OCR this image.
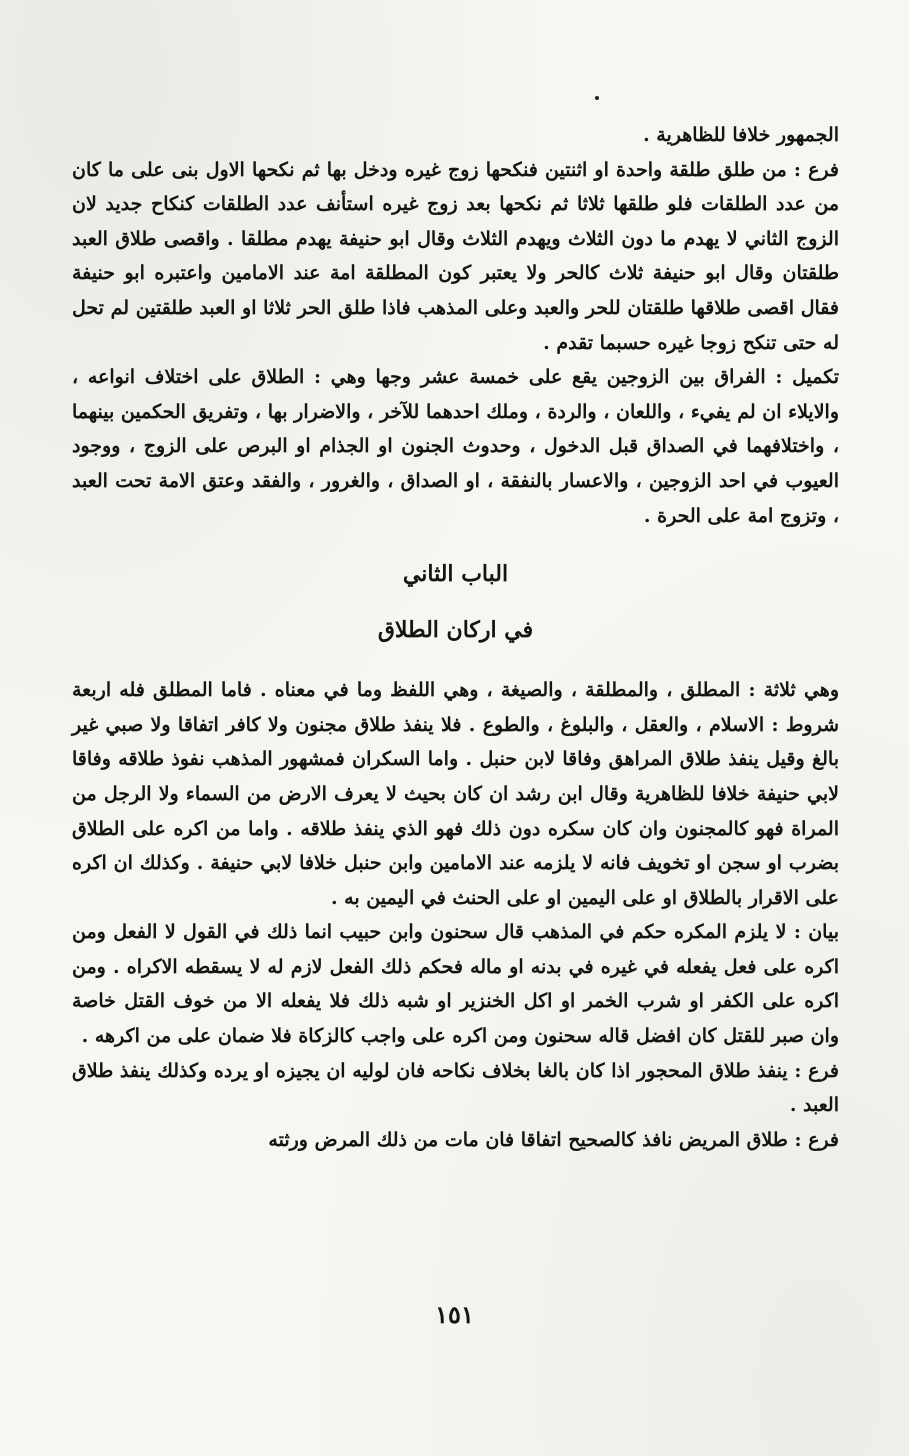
الجمهور خلافا للظاهرية .

فرع : من طلق طلقة واحدة او اثنتين فنكحها زوج غيره ودخل بها ثم نكحها الاول بنى على ما كان من عدد الطلقات فلو طلقها ثلاثا ثم نكحها بعد زوج غيره استأنف عدد الطلقات كنكاح جديد لان الزوج الثاني لا يهدم ما دون الثلاث ويهدم الثلاث وقال ابو حنيفة يهدم مطلقا . واقصى طلاق العبد طلقتان وقال ابو حنيفة ثلاث كالحر ولا يعتبر كون المطلقة امة عند الامامين واعتبره ابو حنيفة فقال اقصى طلاقها طلقتان للحر والعبد وعلى المذهب فاذا طلق الحر ثلاثا او العبد طلقتين لم تحل له حتى تنكح زوجا غيره حسبما تقدم .

تكميل : الفراق بين الزوجين يقع على خمسة عشر وجها وهي : الطلاق على اختلاف انواعه ، والايلاء ان لم يفيء ، واللعان ، والردة ، وملك احدهما للآخر ، والاضرار بها ، وتفريق الحكمين بينهما ، واختلافهما في الصداق قبل الدخول ، وحدوث الجنون او الجذام او البرص على الزوج ، ووجود العيوب في احد الزوجين ، والاعسار بالنفقة ، او الصداق ، والغرور ، والفقد وعتق الامة تحت العبد ، وتزوج امة على الحرة .

الباب الثاني
في اركان الطلاق

وهي ثلاثة : المطلق ، والمطلقة ، والصيغة ، وهي اللفظ وما في معناه . فاما المطلق فله اربعة شروط : الاسلام ، والعقل ، والبلوغ ، والطوع . فلا ينفذ طلاق مجنون ولا كافر اتفاقا ولا صبي غير بالغ وقيل ينفذ طلاق المراهق وفاقا لابن حنبل . واما السكران فمشهور المذهب نفوذ طلاقه وفاقا لابي حنيفة خلافا للظاهرية وقال ابن رشد ان كان بحيث لا يعرف الارض من السماء ولا الرجل من المراة فهو كالمجنون وان كان سكره دون ذلك فهو الذي ينفذ طلاقه . واما من اكره على الطلاق بضرب او سجن او تخويف فانه لا يلزمه عند الامامين وابن حنبل خلافا لابي حنيفة . وكذلك ان اكره على الاقرار بالطلاق او على اليمين او على الحنث في اليمين به .

بيان : لا يلزم المكره حكم في المذهب قال سحنون وابن حبيب انما ذلك في القول لا الفعل ومن اكره على فعل يفعله في غيره في بدنه او ماله فحكم ذلك الفعل لازم له لا يسقطه الاكراه . ومن اكره على الكفر او شرب الخمر او اكل الخنزير او شبه ذلك فلا يفعله الا من خوف القتل خاصة وان صبر للقتل كان افضل قاله سحنون ومن اكره على واجب كالزكاة فلا ضمان على من اكرهه .

فرع : ينفذ طلاق المحجور اذا كان بالغا بخلاف نكاحه فان لوليه ان يجيزه او يرده وكذلك ينفذ طلاق العبد .

فرع : طلاق المريض نافذ كالصحيح اتفاقا فان مات من ذلك المرض ورثته

١٥١
